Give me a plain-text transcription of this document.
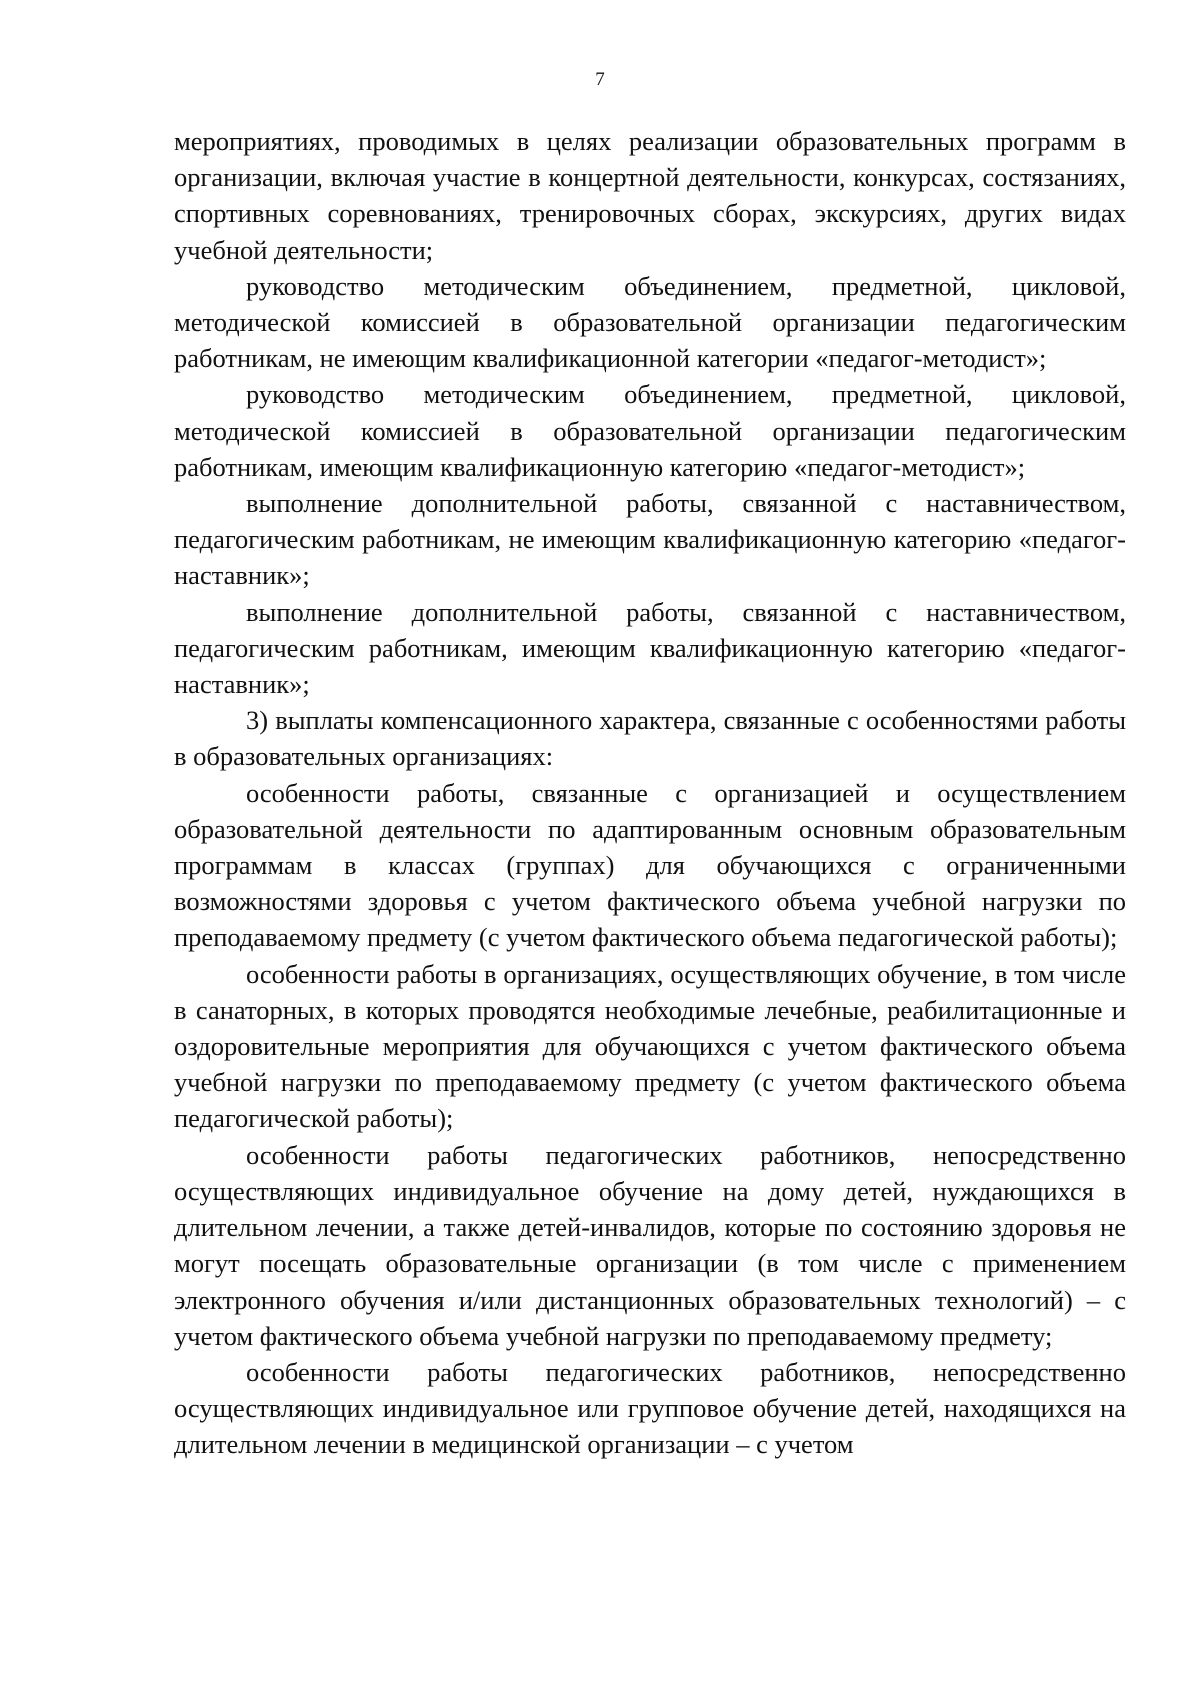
7

мероприятиях, проводимых в целях реализации образовательных программ в организации, включая участие в концертной деятельности, конкурсах, состязаниях, спортивных соревнованиях, тренировочных сборах, экскурсиях, других видах учебной деятельности;

руководство методическим объединением, предметной, цикловой, методической комиссией в образовательной организации педагогическим работникам, не имеющим квалификационной категории «педагог-методист»;

руководство методическим объединением, предметной, цикловой, методической комиссией в образовательной организации педагогическим работникам, имеющим квалификационную категорию «педагог-методист»;

выполнение дополнительной работы, связанной с наставничеством, педагогическим работникам, не имеющим квалификационную категорию «педагог-наставник»;

выполнение дополнительной работы, связанной с наставничеством, педагогическим работникам, имеющим квалификационную категорию «педагог-наставник»;

3) выплаты компенсационного характера, связанные с особенностями работы в образовательных организациях:

особенности работы, связанные с организацией и осуществлением образовательной деятельности по адаптированным основным образовательным программам в классах (группах) для обучающихся с ограниченными возможностями здоровья с учетом фактического объема учебной нагрузки по преподаваемому предмету (с учетом фактического объема педагогической работы);

особенности работы в организациях, осуществляющих обучение, в том числе в санаторных, в которых проводятся необходимые лечебные, реабилитационные и оздоровительные мероприятия для обучающихся с учетом фактического объема учебной нагрузки по преподаваемому предмету (с учетом фактического объема педагогической работы);

особенности работы педагогических работников, непосредственно осуществляющих индивидуальное обучение на дому детей, нуждающихся в длительном лечении, а также детей-инвалидов, которые по состоянию здоровья не могут посещать образовательные организации (в том числе с применением электронного обучения и/или дистанционных образовательных технологий) – с учетом фактического объема учебной нагрузки по преподаваемому предмету;

особенности работы педагогических работников, непосредственно осуществляющих индивидуальное или групповое обучение детей, находящихся на длительном лечении в медицинской организации – с учетом
